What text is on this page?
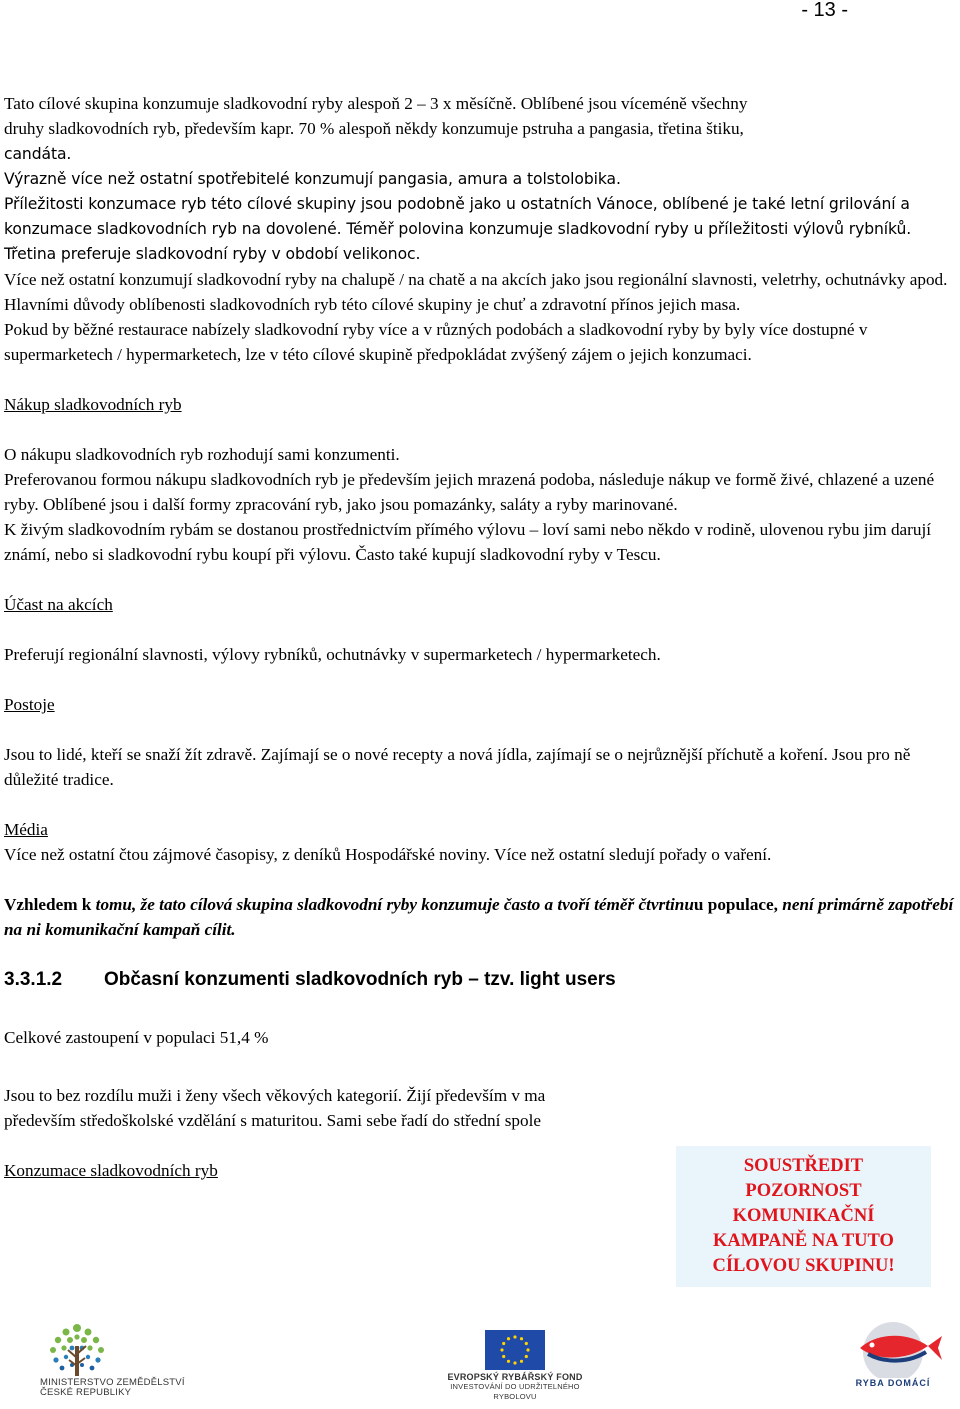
- 13 -

Tato cílové skupina konzumuje sladkovodní ryby alespoň 2 – 3 x měsíčně. Oblíbené jsou víceméně všechny
druhy sladkovodních ryb, především kapr. 70 % alespoň někdy konzumuje pstruha a pangasia, třetina štiku,
candáta.

Výrazně více než ostatní spotřebitelé konzumují pangasia, amura a tolstolobika.

Příležitosti konzumace ryb této cílové skupiny jsou podobně jako u ostatních Vánoce, oblíbené je také letní grilování a konzumace sladkovodních ryb na dovolené. Téměř polovina konzumuje sladkovodní ryby u příležitosti výlovů rybníků. Třetina preferuje sladkovodní ryby v období velikonoc.

Více než ostatní konzumují sladkovodní ryby na chalupě / na chatě a na akcích jako jsou regionální slavnosti, veletrhy, ochutnávky apod.

Hlavními důvody oblíbenosti sladkovodních ryb této cílové skupiny je chuť a zdravotní přínos jejich masa.

Pokud by běžné restaurace nabízely sladkovodní ryby více a v různých podobách a sladkovodní ryby by byly více dostupné v supermarketech / hypermarketech, lze v této cílové skupině předpokládat zvýšený zájem o jejich konzumaci.

Nákup sladkovodních ryb

O nákupu sladkovodních ryb rozhodují sami konzumenti.

Preferovanou formou nákupu sladkovodních ryb je především jejich mrazená podoba, následuje nákup ve formě živé, chlazené a uzené ryby. Oblíbené jsou i další formy zpracování ryb, jako jsou pomazánky, saláty a ryby marinované.

K živým sladkovodním rybám se dostanou prostřednictvím přímého výlovu – loví sami nebo někdo v rodině, ulovenou rybu jim darují známí, nebo si sladkovodní rybu koupí při výlovu. Často také kupují sladkovodní ryby v Tescu.

Účast na akcích

Preferují regionální slavnosti, výlovy rybníků, ochutnávky v supermarketech / hypermarketech.

Postoje

Jsou to lidé, kteří se snaží žít zdravě. Zajímají se o nové recepty a nová jídla, zajímají se o nejrůznější příchutě a koření. Jsou pro ně důležité tradice.

Média

Více než ostatní čtou zájmové časopisy, z deníků Hospodářské noviny. Více než ostatní sledují pořady o vaření.

Vzhledem k tomu, že tato cílová skupina sladkovodní ryby konzumuje často a tvoří téměř čtvrtinuu populace, není primárně zapotřebí na ni komunikační kampaň cílit.

3.3.1.2	Občasní konzumenti sladkovodních ryb – tzv. light users

Celkové zastoupení v populaci 51,4 %

Jsou to bez rozdílu muži i ženy všech věkových kategorií. Žijí především v ma
především středoškolské vzdělání s maturitou. Sami sebe řadí do střední spole

Konzumace sladkovodních ryb	SOUSTŘEDIT
POZORNOST
KOMUNIKAČNÍ
KAMPANĚ NA TUTO
CÍLOVOU SKUPINU!
MINISTERSTVO ZEMĚDĚLSTVÍ
ČESKÉ REPUBLIKY
EVROPSKÝ RYBÁŘSKÝ FOND
INVESTOVÁNÍ DO UDRŽITELNÉHO
RYBOLOVU
RYBA DOMÁCÍ
